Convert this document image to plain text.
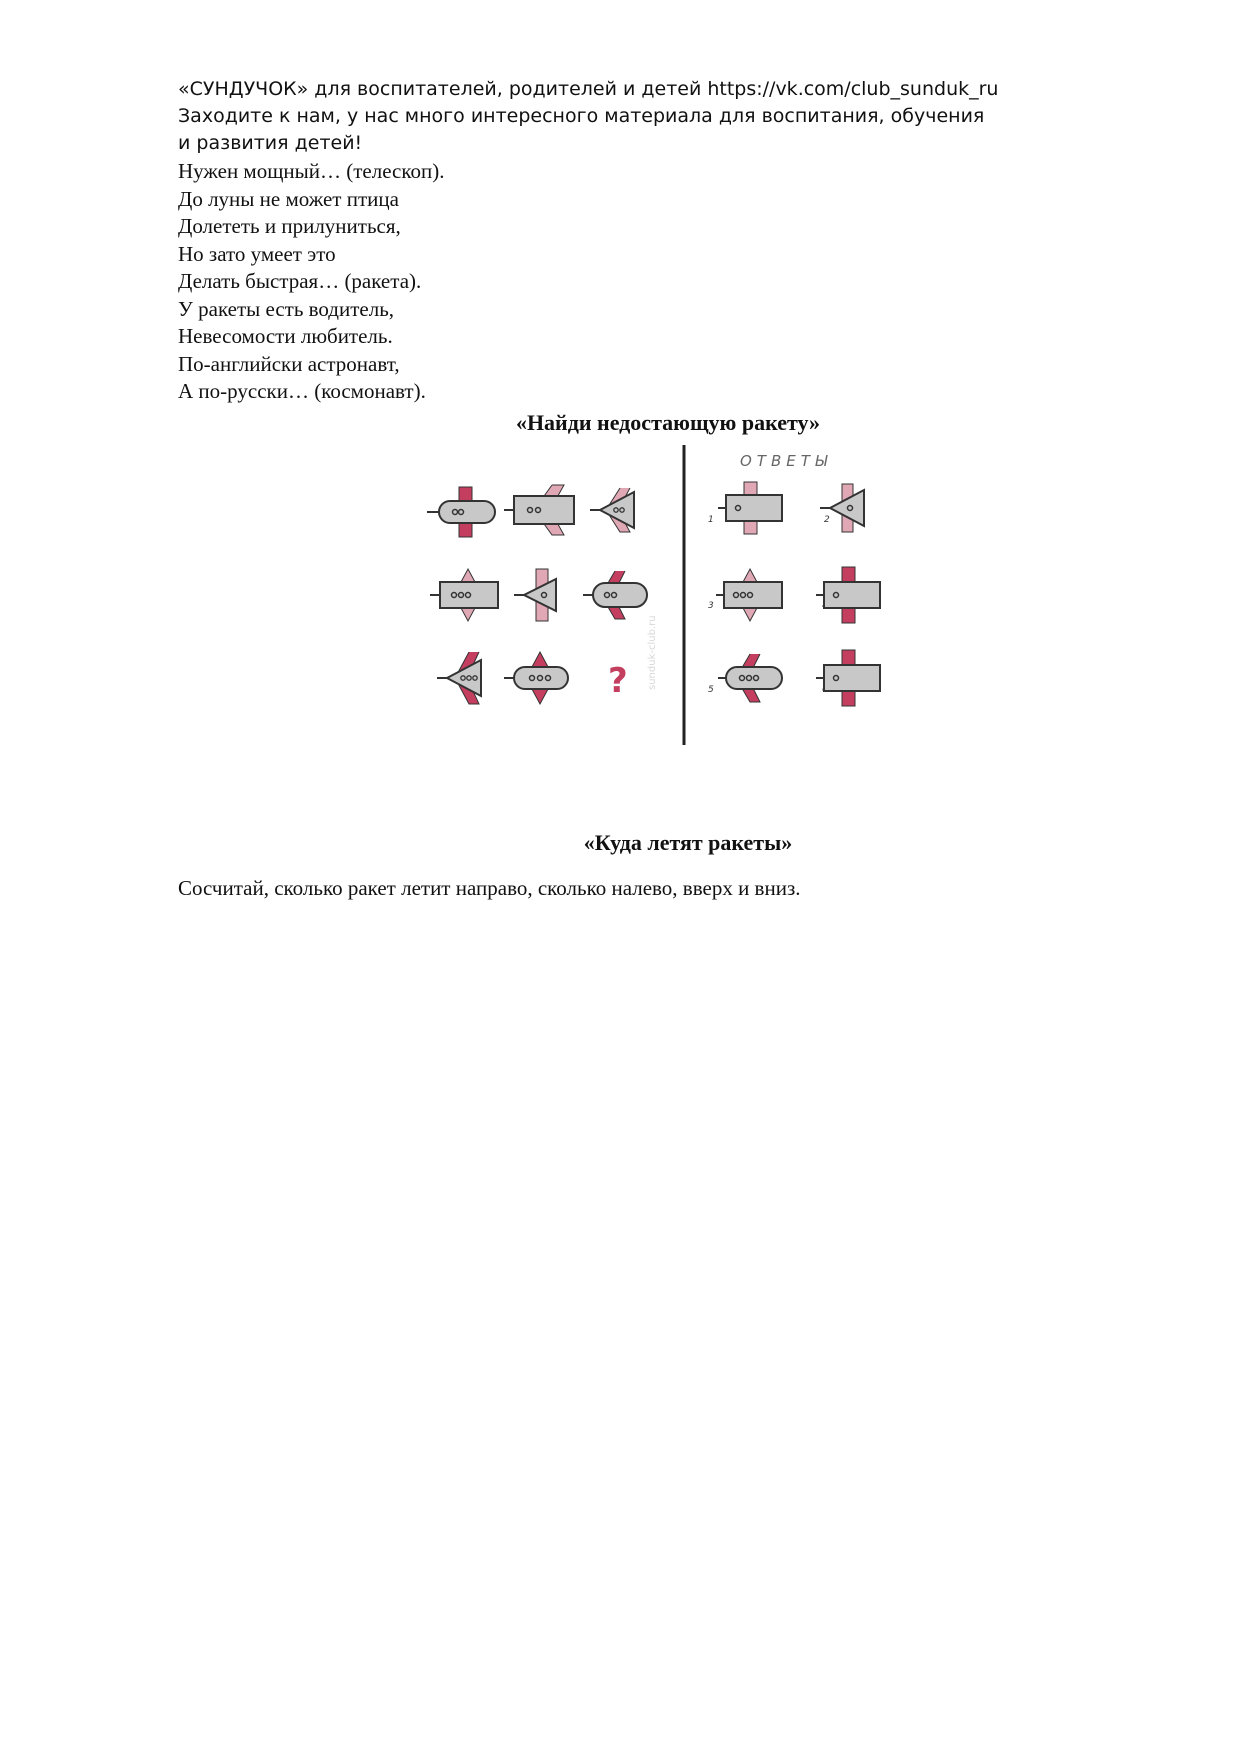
«СУНДУЧОК» для воспитателей, родителей и детей https://vk.com/club_sunduk_ru
Заходите к нам, у нас много интересного материала для воспитания, обучения
и развития детей!
Нужен мощный… (телескоп).
До луны не может птица
Долететь и прилуниться,
Но зато умеет это
Делать быстрая… (ракета).
У ракеты есть водитель,
Невесомости любитель.
По-английски астронавт,
А по-русски… (космонавт).
«Найди недостающую ракету»
sunduk-club.ru
?
ОТВЕТЫ
1	2
3
5
«Куда летят ракеты»
Сосчитай, сколько ракет летит направо, сколько налево, вверх и вниз.
